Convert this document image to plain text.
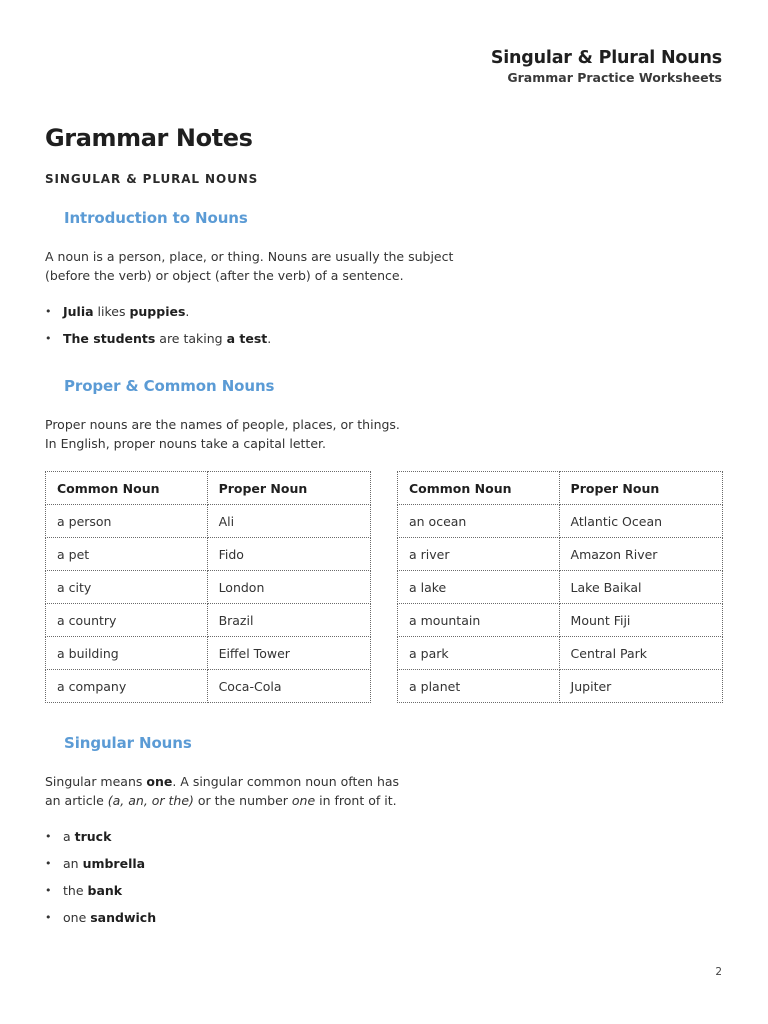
Singular & Plural Nouns
Grammar Practice Worksheets
Grammar Notes
SINGULAR & PLURAL NOUNS
Introduction to Nouns
A noun is a person, place, or thing. Nouns are usually the subject
(before the verb) or object (after the verb) of a sentence.
• Julia likes puppies.
• The students are taking a test.
Proper & Common Nouns
Proper nouns are the names of people, places, or things.
In English, proper nouns take a capital letter.
Common Noun	Proper Noun
a person	Ali
a pet	Fido
a city	London
a country	Brazil
a building	Eiffel Tower
a company	Coca-Cola
Common Noun	Proper Noun
an ocean	Atlantic Ocean
a river	Amazon River
a lake	Lake Baikal
a mountain	Mount Fiji
a park	Central Park
a planet	Jupiter
Singular Nouns
Singular means one. A singular common noun often has
an article (a, an, or the) or the number one in front of it.
• a truck
• an umbrella
• the bank
• one sandwich
2
